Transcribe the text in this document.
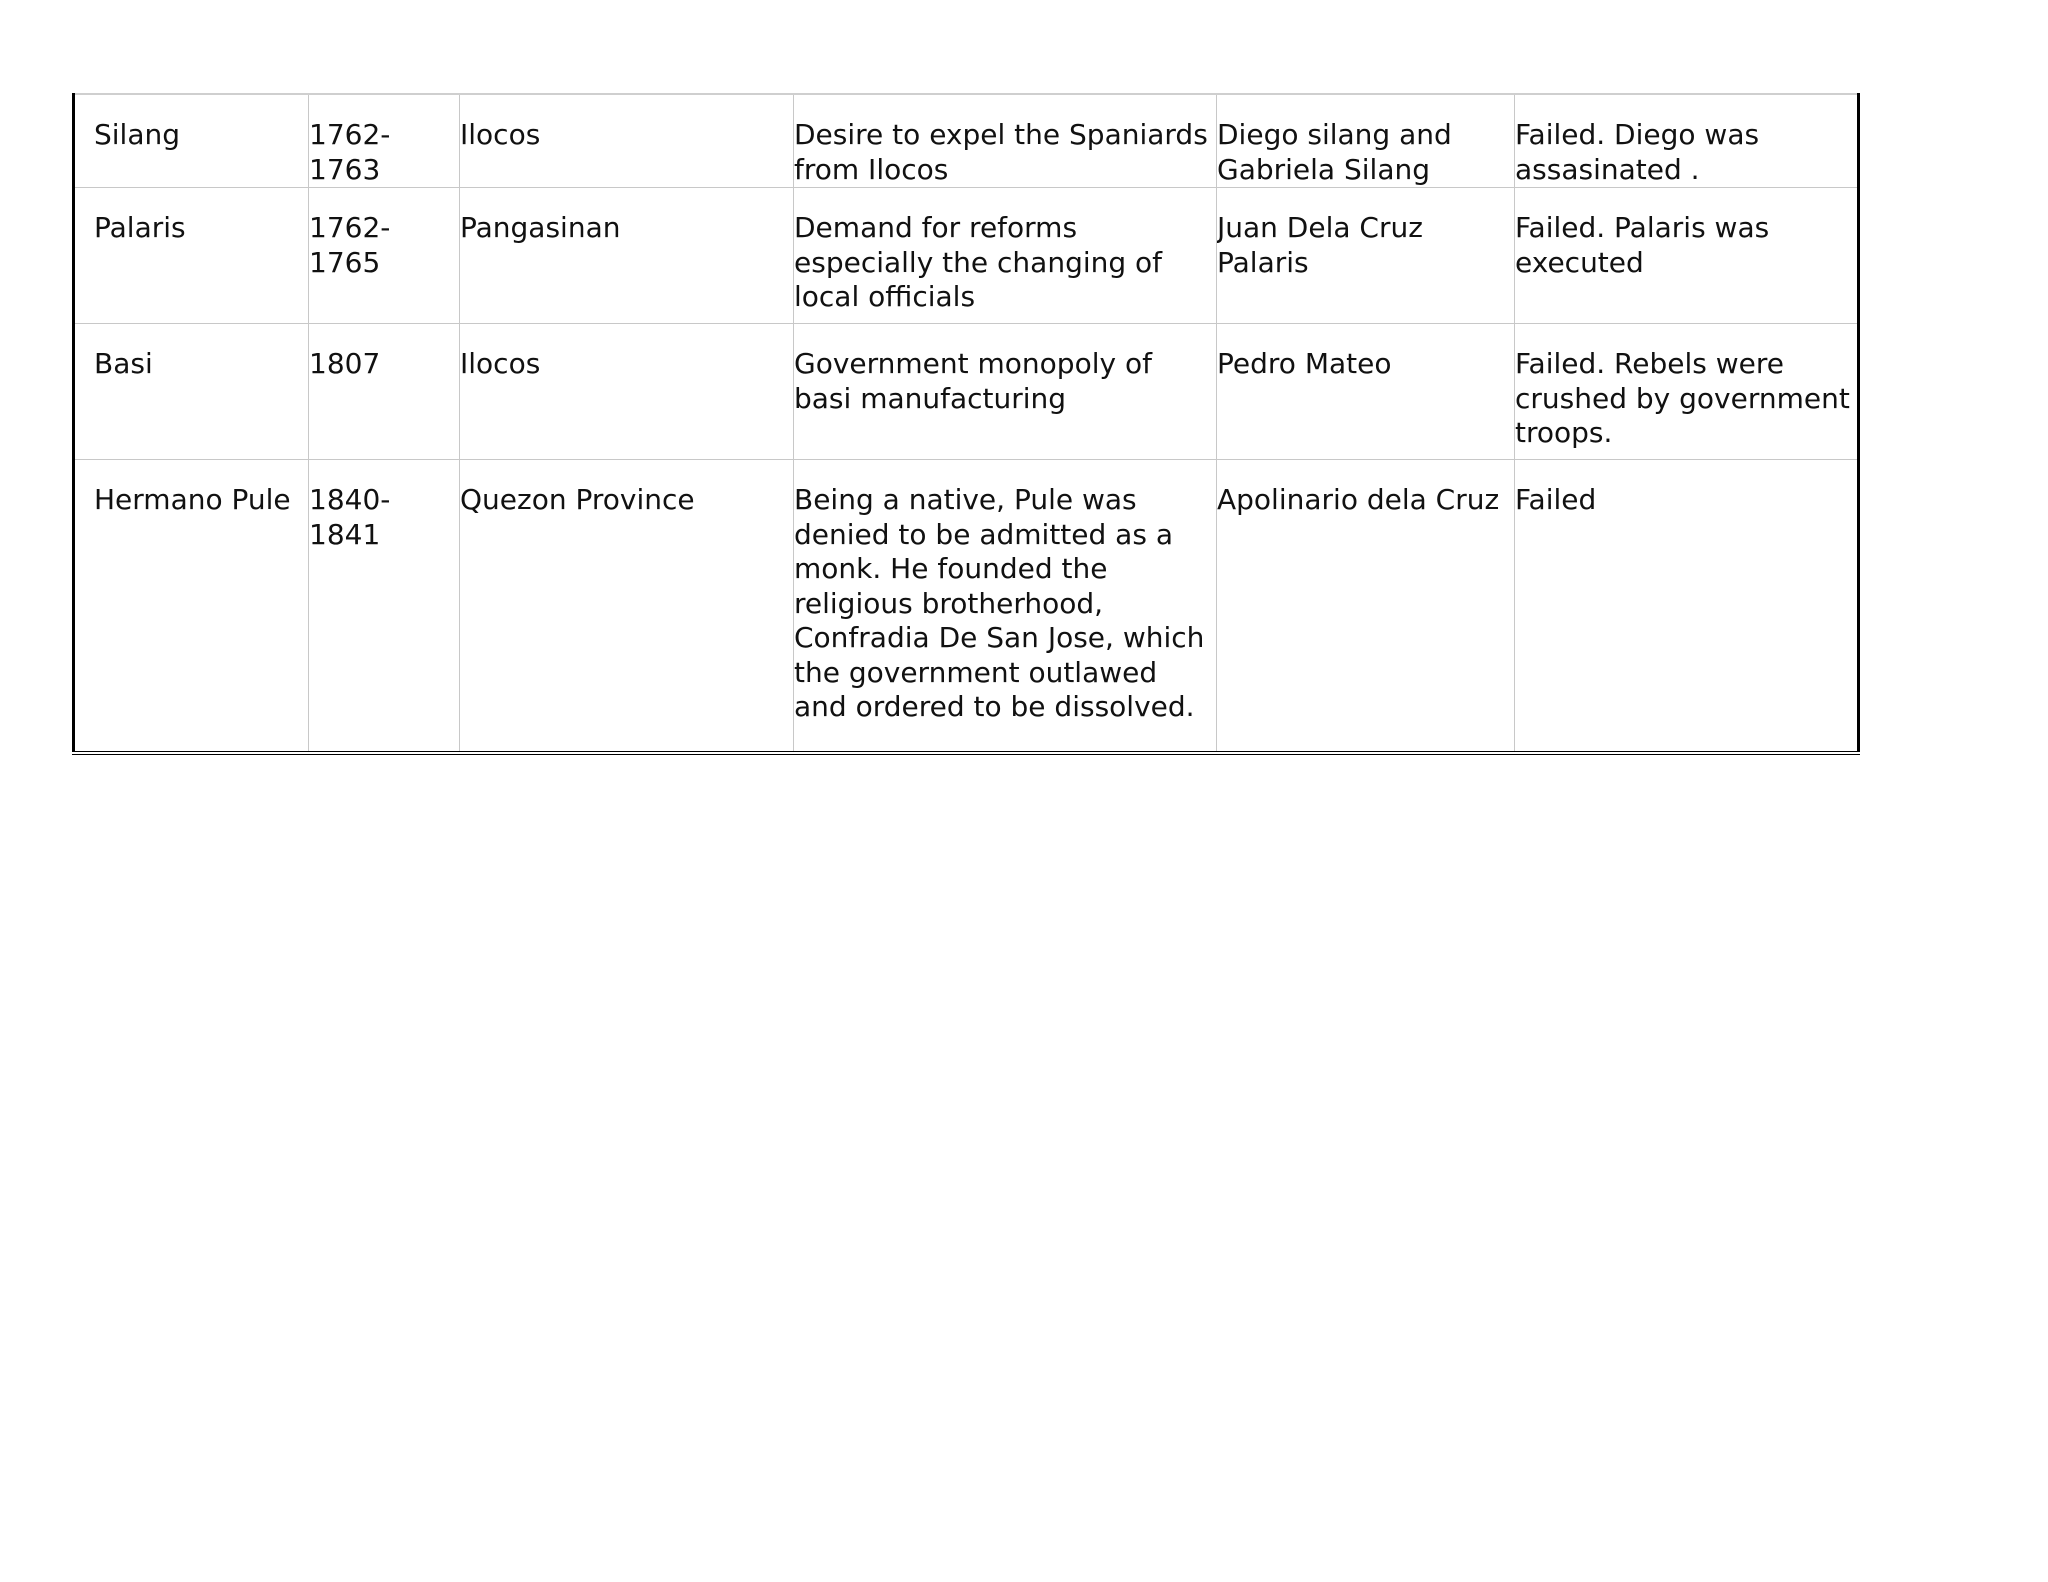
Silang	1762-1763	Ilocos	Desire to expel the Spaniards from Ilocos	Diego silang and Gabriela Silang	Failed. Diego was assasinated .
Palaris	1762-1765	Pangasinan	Demand for reforms especially the changing of local officials	Juan Dela Cruz Palaris	Failed. Palaris was executed
Basi	1807	Ilocos	Government monopoly of basi manufacturing	Pedro Mateo	Failed. Rebels were crushed by government troops.
Hermano Pule	1840-1841	Quezon Province	Being a native, Pule was denied to be admitted as a monk. He founded the religious brotherhood, Confradia De San Jose, which the government outlawed and ordered to be dissolved.	Apolinario dela Cruz	Failed
